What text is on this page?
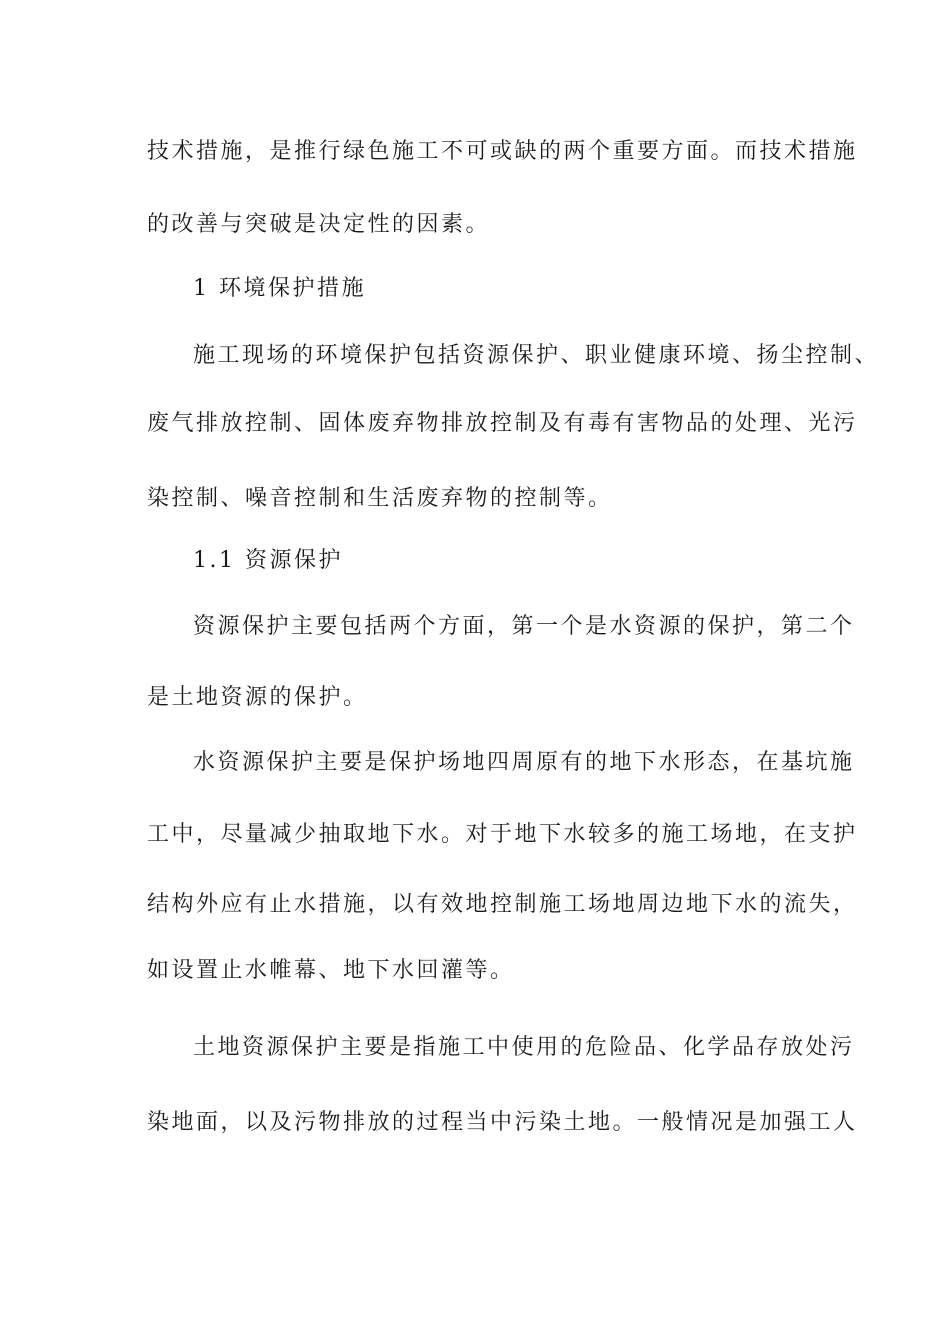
技术措施，是推行绿色施工不可或缺的两个重要方面。而技术措施
的改善与突破是决定性的因素。
1 环境保护措施
施工现场的环境保护包括资源保护、职业健康环境、扬尘控制、
废气排放控制、固体废弃物排放控制及有毒有害物品的处理、光污
染控制、噪音控制和生活废弃物的控制等。
1.1 资源保护
资源保护主要包括两个方面，第一个是水资源的保护，第二个
是土地资源的保护。
水资源保护主要是保护场地四周原有的地下水形态，在基坑施
工中，尽量减少抽取地下水。对于地下水较多的施工场地，在支护
结构外应有止水措施，以有效地控制施工场地周边地下水的流失，
如设置止水帷幕、地下水回灌等。
土地资源保护主要是指施工中使用的危险品、化学品存放处污
染地面，以及污物排放的过程当中污染土地。一般情况是加强工人
